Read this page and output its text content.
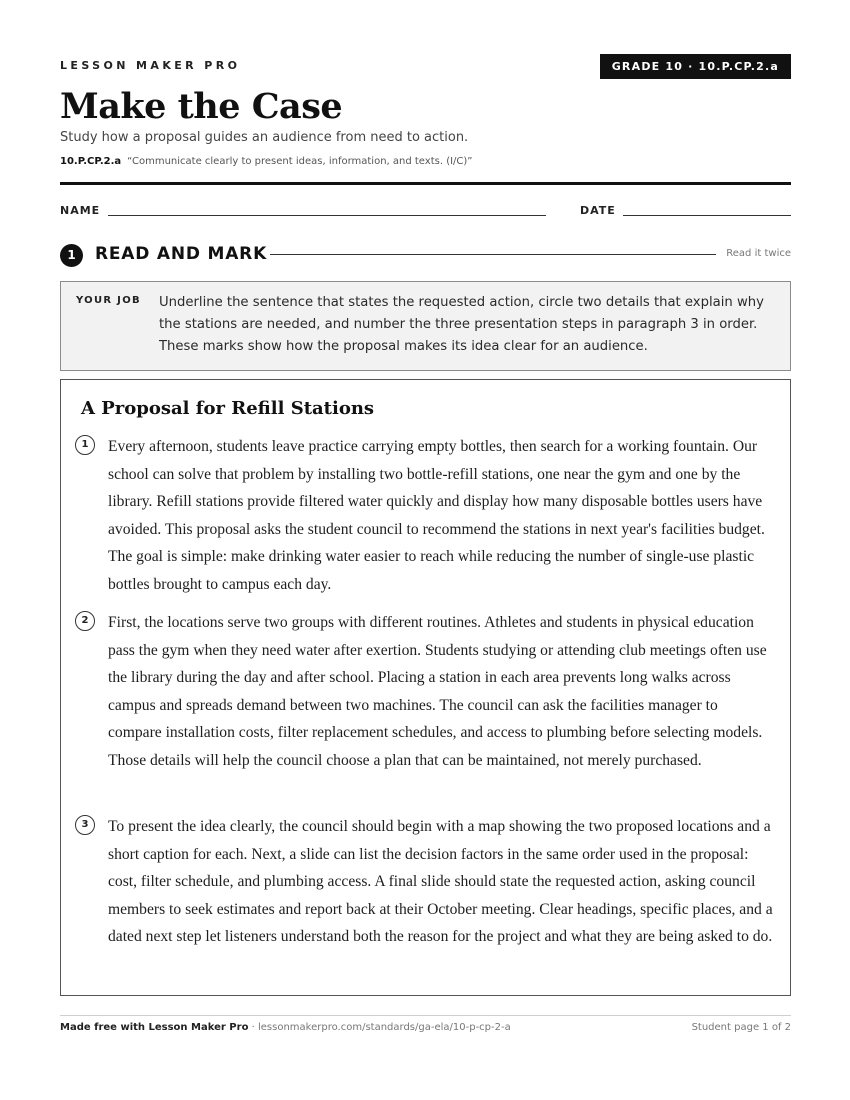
LESSON MAKER PRO	GRADE 10 · 10.P.CP.2.a
Make the Case
Study how a proposal guides an audience from need to action.
10.P.CP.2.a “Communicate clearly to present ideas, information, and texts. (I/C)”
NAME	DATE
1	READ AND MARK	Read it twice
YOUR JOB Underline the sentence that states the requested action, circle two details that explain why the stations are needed, and number the three presentation steps in paragraph 3 in order. These marks show how the proposal makes its idea clear for an audience.
A Proposal for Refill Stations
1	Every afternoon, students leave practice carrying empty bottles, then search for a working fountain. Our school can solve that problem by installing two bottle-refill stations, one near the gym and one by the library. Refill stations provide filtered water quickly and display how many disposable bottles users have avoided. This proposal asks the student council to recommend the stations in next year's facilities budget. The goal is simple: make drinking water easier to reach while reducing the number of single-use plastic bottles brought to campus each day.

2	First, the locations serve two groups with different routines. Athletes and students in physical education pass the gym when they need water after exertion. Students studying or attending club meetings often use the library during the day and after school. Placing a station in each area prevents long walks across campus and spreads demand between two machines. The council can ask the facilities manager to compare installation costs, filter replacement schedules, and access to plumbing before selecting models. Those details will help the council choose a plan that can be maintained, not merely purchased.

3	To present the idea clearly, the council should begin with a map showing the two proposed locations and a short caption for each. Next, a slide can list the decision factors in the same order used in the proposal: cost, filter schedule, and plumbing access. A final slide should state the requested action, asking council members to seek estimates and report back at their October meeting. Clear headings, specific places, and a dated next step let listeners understand both the reason for the project and what they are being asked to do.

Made free with Lesson Maker Pro · lessonmakerpro.com/standards/ga-ela/10-p-cp-2-a	Student page 1 of 2
